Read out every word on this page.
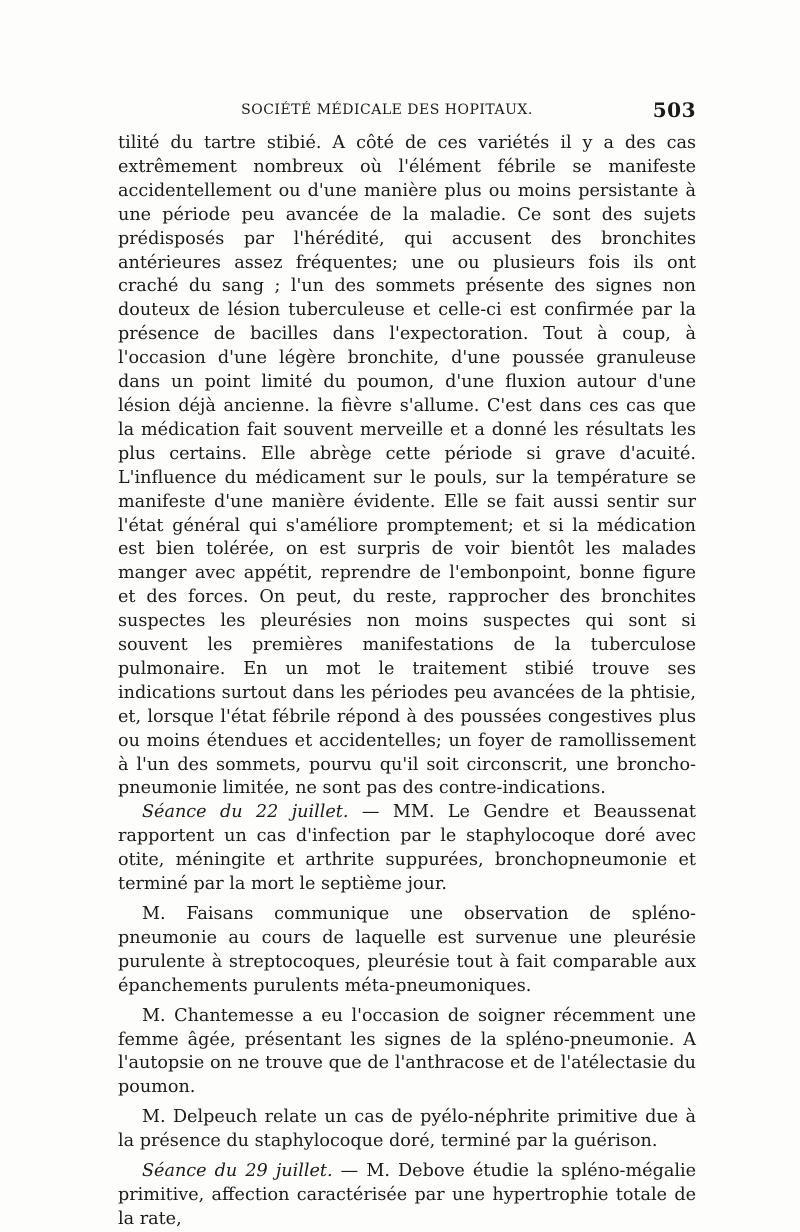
SOCIÉTÉ MÉDICALE DES HOPITAUX.	503

tilité du tartre stibié. A côté de ces variétés il y a des cas extrêmement nombreux où l'élément fébrile se manifeste accidentellement ou d'une manière plus ou moins persistante à une période peu avancée de la maladie. Ce sont des sujets prédisposés par l'hérédité, qui accusent des bronchites antérieures assez fréquentes; une ou plusieurs fois ils ont craché du sang ; l'un des sommets présente des signes non douteux de lésion tuberculeuse et celle-ci est confirmée par la présence de bacilles dans l'expectoration. Tout à coup, à l'occasion d'une légère bronchite, d'une poussée granuleuse dans un point limité du poumon, d'une fluxion autour d'une lésion déjà ancienne. la fièvre s'allume. C'est dans ces cas que la médication fait souvent merveille et a donné les résultats les plus certains. Elle abrège cette période si grave d'acuité. L'influence du médicament sur le pouls, sur la température se manifeste d'une manière évidente. Elle se fait aussi sentir sur l'état général qui s'améliore promptement; et si la médication est bien tolérée, on est surpris de voir bientôt les malades manger avec appétit, reprendre de l'embonpoint, bonne figure et des forces. On peut, du reste, rapprocher des bronchites suspectes les pleurésies non moins suspectes qui sont si souvent les premières manifestations de la tuberculose pulmonaire. En un mot le traitement stibié trouve ses indications surtout dans les périodes peu avancées de la phtisie, et, lorsque l'état fébrile répond à des poussées congestives plus ou moins étendues et accidentelles; un foyer de ramollissement à l'un des sommets, pourvu qu'il soit circonscrit, une broncho-pneumonie limitée, ne sont pas des contre-indications.

Séance du 22 juillet. — MM. Le Gendre et Beaussenat rapportent un cas d'infection par le staphylocoque doré avec otite, méningite et arthrite suppurées, bronchopneumonie et terminé par la mort le septième jour.

M. Faisans communique une observation de spléno-pneumonie au cours de laquelle est survenue une pleurésie purulente à streptocoques, pleurésie tout à fait comparable aux épanchements purulents méta-pneumoniques.

M. Chantemesse a eu l'occasion de soigner récemment une femme âgée, présentant les signes de la spléno-pneumonie. A l'autopsie on ne trouve que de l'anthracose et de l'atélectasie du poumon.

M. Delpeuch relate un cas de pyélo-néphrite primitive due à la présence du staphylocoque doré, terminé par la guérison.

Séance du 29 juillet. — M. Debove étudie la spléno-mégalie primitive, affection caractérisée par une hypertrophie totale de la rate,
